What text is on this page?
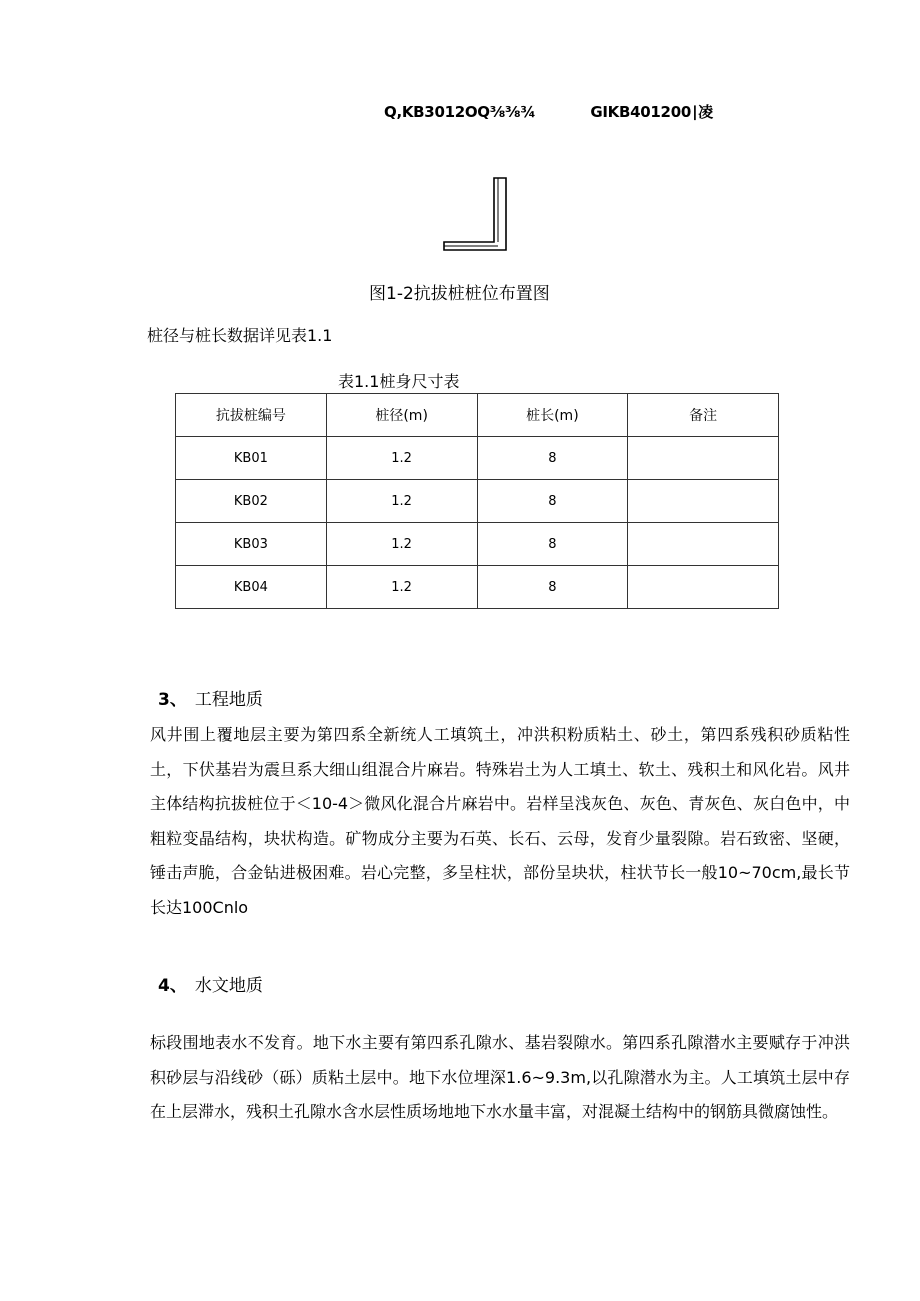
Q,KB3012OQ⅜⅜¾	GIKB401200∣凌
图1-2抗拔桩桩位布置图
桩径与桩长数据详见表1.1
表1.1桩身尺寸表
抗拔桩编号	桩径(m)	桩长(m)	备注
KB01	1.2	8	
KB02	1.2	8	
KB03	1.2	8	
KB04	1.2	8	
3、 工程地质
风井围上覆地层主要为第四系全新统人工填筑土，冲洪积粉质粘土、砂土，第四系残积砂质粘性土，下伏基岩为震旦系大细山组混合片麻岩。特殊岩土为人工填土、软土、残积土和风化岩。风井主体结构抗拔桩位于＜10-4＞微风化混合片麻岩中。岩样呈浅灰色、灰色、青灰色、灰白色中，中粗粒变晶结构，块状构造。矿物成分主要为石英、长石、云母，发育少量裂隙。岩石致密、坚硬，锤击声脆，合金钻进极困难。岩心完整，多呈柱状，部份呈块状，柱状节长一般10~70cm,最长节长达100Cnlo
4、 水文地质
标段围地表水不发育。地下水主要有第四系孔隙水、基岩裂隙水。第四系孔隙潜水主要赋存于冲洪积砂层与沿线砂（砾）质粘土层中。地下水位埋深1.6~9.3m,以孔隙潜水为主。人工填筑土层中存在上层滞水，残积土孔隙水含水层性质场地地下水水量丰富，对混凝土结构中的钢筋具微腐蚀性。
